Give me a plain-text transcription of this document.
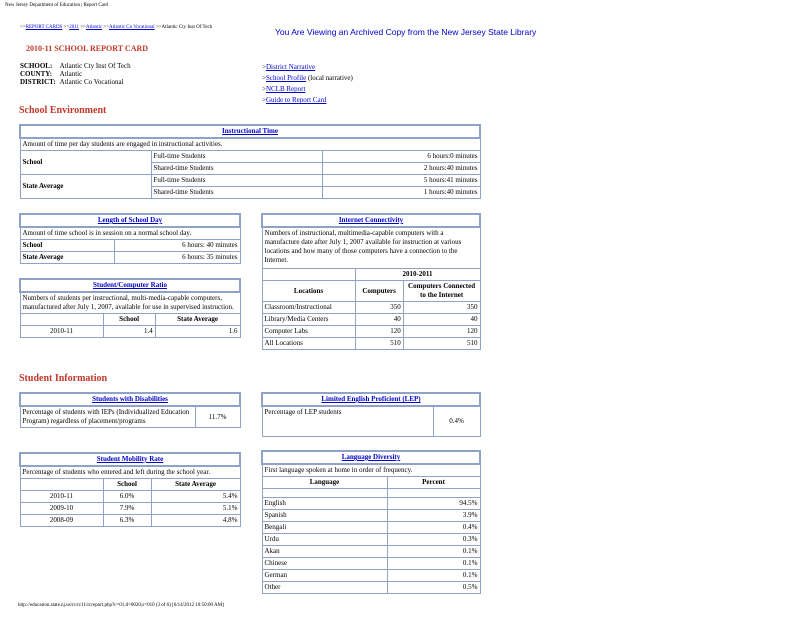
New Jersey Department of Education | Report Card
>>REPORT CARDS >>2011 >>Atlantic >>Atlantic Co Vocational >>Atlantic Cty Inst Of Tech	You Are Viewing an Archived Copy from the New Jersey State Library
2010-11 SCHOOL REPORT CARD
SCHOOL:	Atlantic Cty Inst Of Tech
COUNTY:	Atlantic
DISTRICT:	Atlantic Co Vocational
>District Narrative
>School Profile (local narrative)
>NCLB Report
>Guide to Report Card
School Environment
Instructional Time		
Amount of time per day students are engaged in instructional activities.		
School	Full-time Students	6 hours:0 minutes
	Shared-time Students	2 hours:40 minutes
State Average	Full-time Students	5 hours:41 minutes
	Shared-time Students	1 hours:40 minutes
Length of School Day	
Amount of time school is in session on a normal school day.	
School	6 hours: 40 minutes
State Average	6 hours: 35 minutes
Student/Computer Ratio		
Numbers of students per instructional, multi-media-capable computers, manufactured after July 1, 2007, available for use in supervised instruction.		
	School	State Average
2010-11	1.4	1.6
Internet Connectivity		
Numbers of instructional, multimedia-capable computers with a manufacture date after July 1, 2007 available for instruction at various locations and how many of those computers have a connection to the Internet.		
	2010-2011	
Locations	Computers	Computers Connected to the Internet
Classroom/Instructional	350	350
Library/Media Centers	40	40
Computer Labs	120	120
All Locations	510	510
Student Information
Students with Disabilities
Percentage of students with IEPs (Individualized Education Program) regardless of placement/programs	11.7%
Limited English Proficient (LEP)
Percentage of LEP students	0.4%
Student Mobility Rate		
Percentage of students who entered and left during the school year.		
	School	State Average
2010-11	6.0%	5.4%
2009-10	7.9%	5.1%
2008-09	6.3%	4.8%
Language Diversity	
First language spoken at home in order of frequency.	
Language	Percent

English	94.5%
Spanish	3.9%
Bengali	0.4%
Urdu	0.3%
Akan	0.1%
Chinese	0.1%
German	0.1%
Other	0.5%
http://education.state.nj.us/rc/rc11/rcreport.php?c=01;d=0020;s=010 (3 of 6) [6/14/2012 10:50:00 AM]
